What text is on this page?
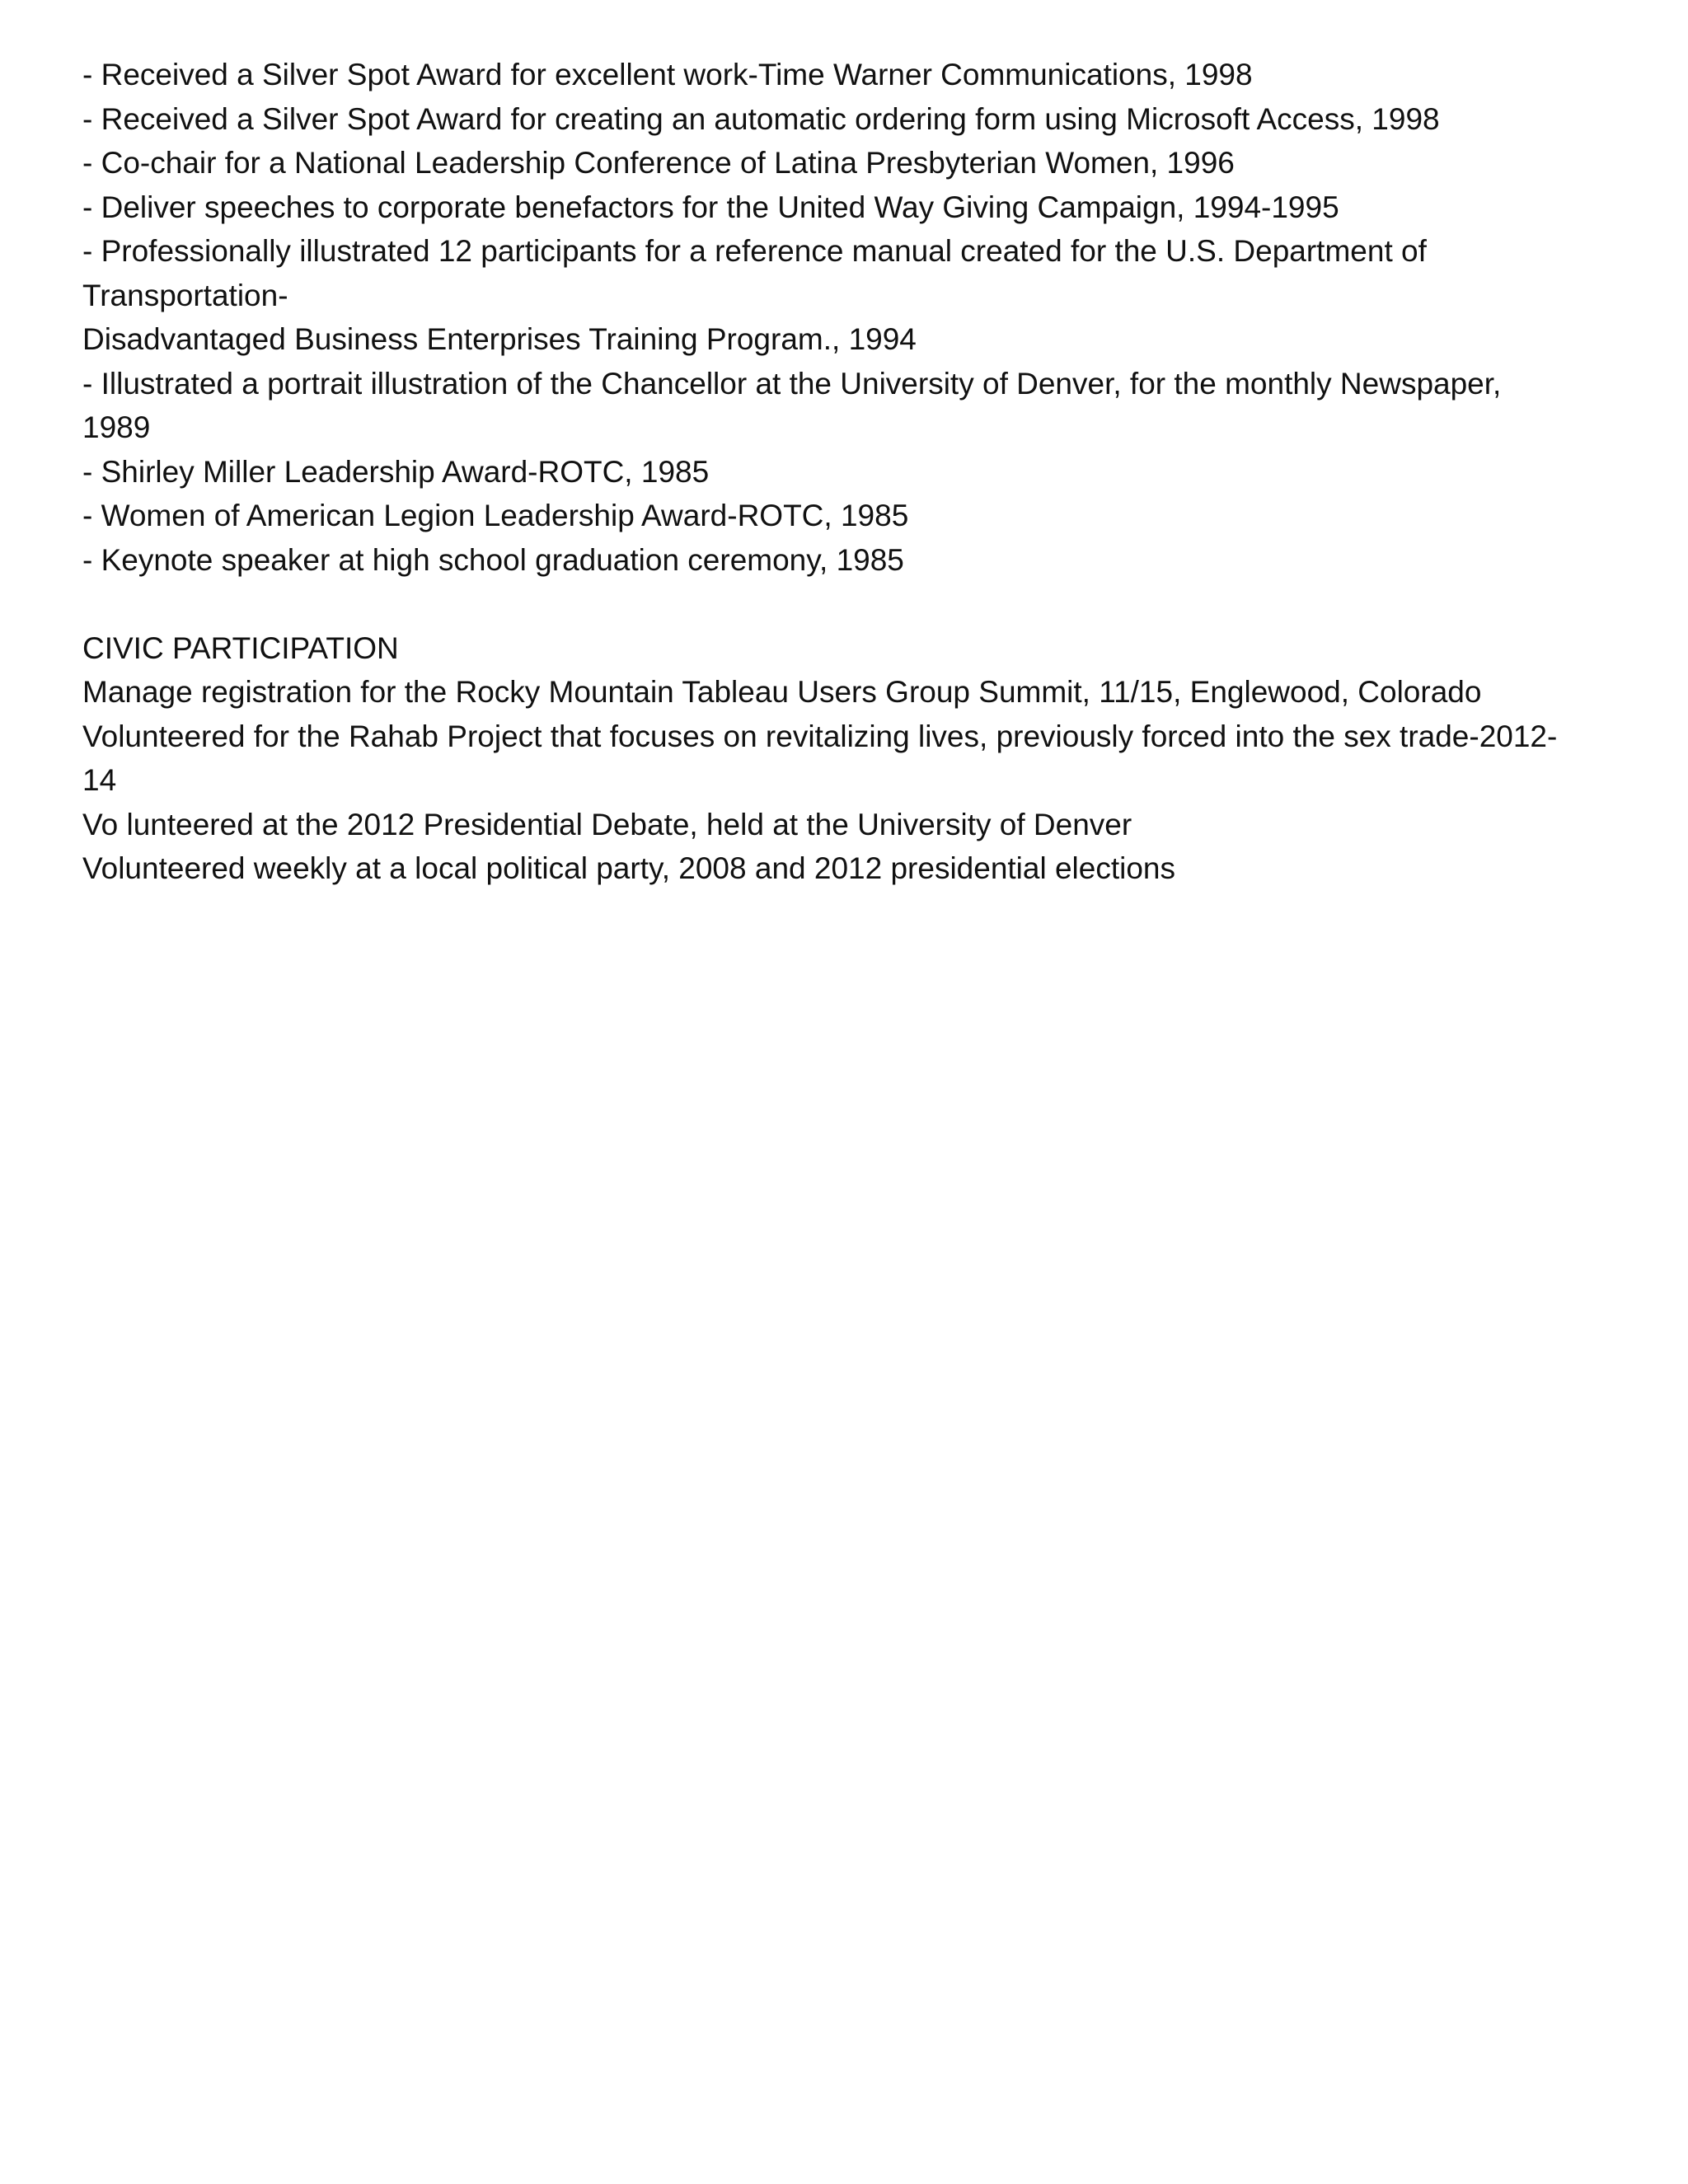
- Received a Silver Spot Award for excellent work-Time Warner Communications, 1998
- Received a Silver Spot Award for creating an automatic ordering form using Microsoft Access, 1998
- Co-chair for a National Leadership Conference of Latina Presbyterian Women, 1996
- Deliver speeches to corporate benefactors for the United Way Giving Campaign, 1994-1995
- Professionally illustrated 12 participants for a reference manual created for the U.S. Department of
Transportation-
Disadvantaged Business Enterprises Training Program., 1994
- Illustrated a portrait illustration of the Chancellor at the University of Denver, for the monthly Newspaper,
1989
- Shirley Miller Leadership Award-ROTC, 1985
- Women of American Legion Leadership Award-ROTC, 1985
- Keynote speaker at high school graduation ceremony, 1985
CIVIC PARTICIPATION
Manage registration for the Rocky Mountain Tableau Users Group Summit, 11/15, Englewood, Colorado
Volunteered for the Rahab Project that focuses on revitalizing lives, previously forced into the sex trade-2012-
14
Vo lunteered at the 2012 Presidential Debate, held at the University of Denver
Volunteered weekly at a local political party, 2008 and 2012 presidential elections
